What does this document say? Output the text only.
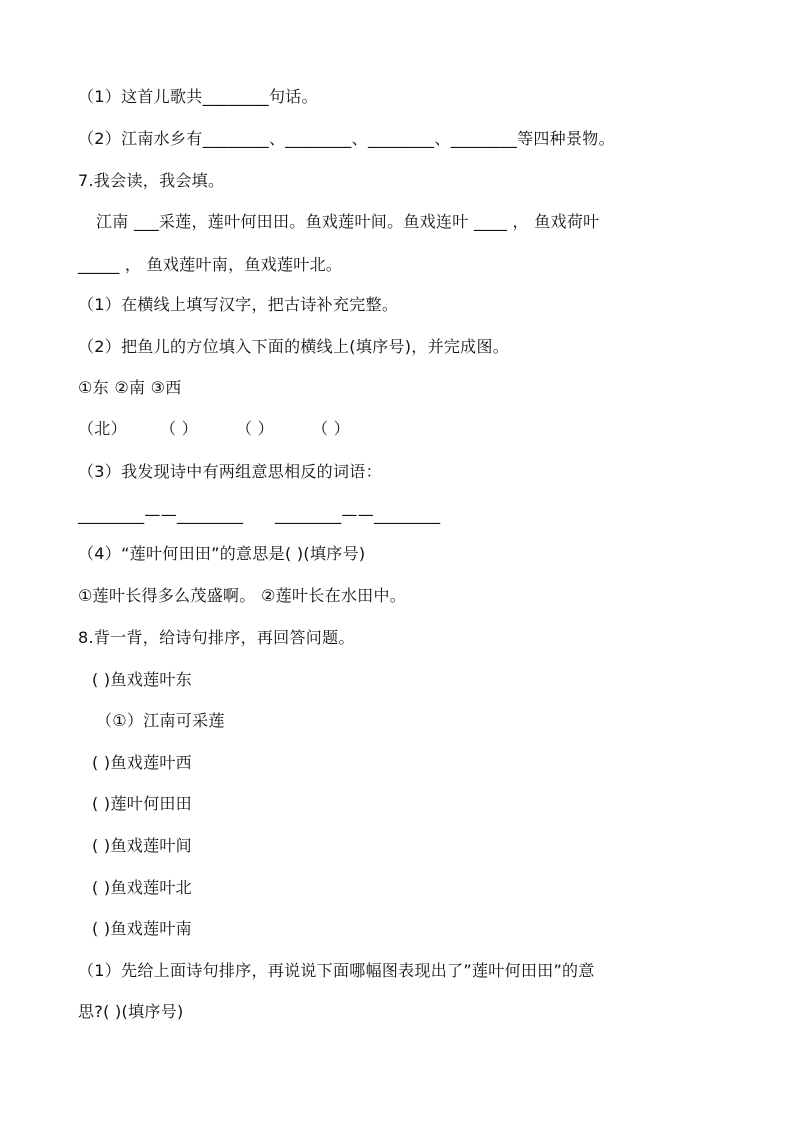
（1）这首儿歌共________句话。
（2）江南水乡有________、________、________、________等四种景物。
7.我会读，我会填。
江南 ___采莲，莲叶何田田。鱼戏莲叶间。鱼戏连叶 ____ ， 鱼戏荷叶
_____ ， 鱼戏莲叶南，鱼戏莲叶北。
（1）在横线上填写汉字，把古诗补充完整。
（2）把鱼儿的方位填入下面的横线上(填序号)，并完成图。
①东 ②南 ③西
（北） （ ） （ ） （ ）
（3）我发现诗中有两组意思相反的词语：
________——________ ________——________
（4）“莲叶何田田”的意思是( )(填序号)
①莲叶长得多么茂盛啊。 ②莲叶长在水田中。
8.背一背，给诗句排序，再回答问题。
( )鱼戏莲叶东
（①）江南可采莲
( )鱼戏莲叶西
( )莲叶何田田
( )鱼戏莲叶间
( )鱼戏莲叶北
( )鱼戏莲叶南
（1）先给上面诗句排序，再说说下面哪幅图表现出了”莲叶何田田”的意
思?( )(填序号)
